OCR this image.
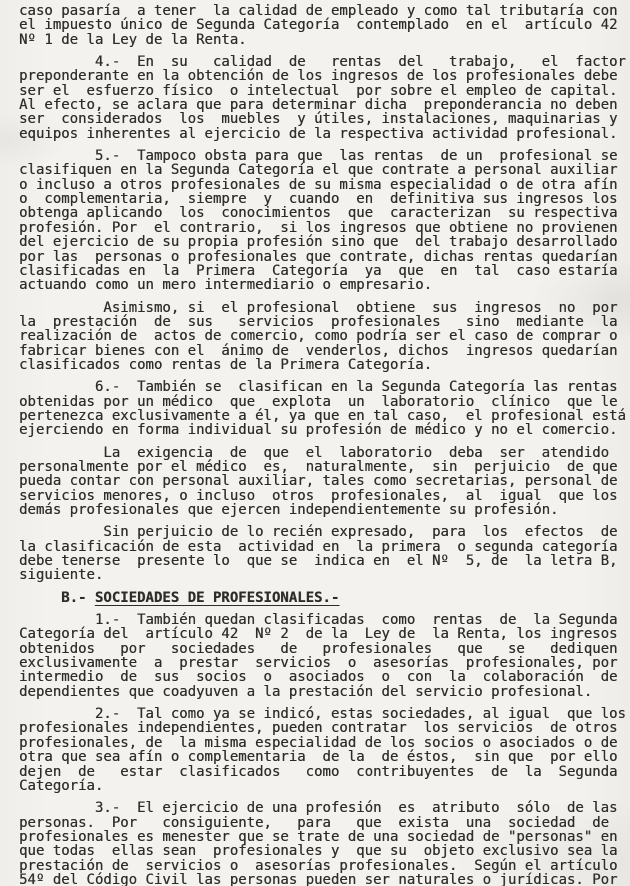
caso pasaría  a tener  la calidad de empleado y como tal tributaría con
el impuesto único de Segunda Categoría  contemplado  en el  artículo 42
Nº 1 de la Ley de la Renta.
4.-  En  su   calidad  de   rentas  del   trabajo,   el  factor
preponderante en la obtención de los ingresos de los profesionales debe
ser el  esfuerzo físico  o intelectual  por sobre el empleo de capital.
Al efecto, se aclara que para determinar dicha  preponderancia no deben
ser  considerados  los  muebles  y útiles, instalaciones, maquinarias y
equipos inherentes al ejercicio de la respectiva actividad profesional.
5.-  Tampoco obsta para que  las rentas  de un  profesional se
clasifiquen en la Segunda Categoría el que contrate a personal auxiliar
o incluso a otros profesionales de su misma especialidad o de otra afín
o  complementaria,  siempre  y  cuando  en  definitiva sus ingresos los
obtenga aplicando  los  conocimientos  que  caracterizan  su respectiva
profesión. Por  el contrario,  si los ingresos que obtiene no provienen
del ejercicio de su propia profesión sino que  del trabajo desarrollado
por las  personas o profesionales que contrate, dichas rentas quedarían
clasificadas en  la  Primera  Categoría  ya  que  en  tal  caso estaría
actuando como un mero intermediario o empresario.
Asimismo, si  el profesional  obtiene  sus  ingresos  no  por
la  prestación  de  sus   servicios  profesionales   sino  mediante  la
realización de  actos de comercio, como podría ser el caso de comprar o
fabricar bienes con el  ánimo de  venderlos, dichos  ingresos quedarían
clasificados como rentas de la Primera Categoría.
6.-  También se  clasifican en la Segunda Categoría las rentas
obtenidas por un médico  que  explota  un  laboratorio  clínico  que le
pertenezca exclusivamente a él, ya que en tal caso,  el profesional está
ejerciendo en forma individual su profesión de médico y no el comercio.
La  exigencia  de  que  el  laboratorio  deba  ser  atendido
personalmente por el médico  es,  naturalmente,  sin  perjuicio  de que
pueda contar con personal auxiliar, tales como secretarias, personal de
servicios menores, o incluso  otros  profesionales,  al  igual  que los
demás profesionales que ejercen independientemente su profesión.
Sin perjuicio de lo recién expresado,  para  los  efectos  de
la clasificación de esta  actividad en  la primera  o segunda categoría
debe tenerse  presente lo  que se  indica en  el Nº  5, de  la letra B,
siguiente.
B.- SOCIEDADES DE PROFESIONALES.-
1.-  También quedan clasificadas  como  rentas  de  la Segunda
Categoría del  artículo 42  Nº 2  de la  Ley de  la Renta, los ingresos
obtenidos   por   sociedades   de   profesionales   que   se   dediquen
exclusivamente  a  prestar  servicios  o  asesorías  profesionales, por
intermedio  de  sus  socios  o  asociados  o  con  la  colaboración  de
dependientes que coadyuven a la prestación del servicio profesional.
2.-  Tal como ya se indicó, estas sociedades, al igual  que los
profesionales independientes, pueden contratar  los servicios  de otros
profesionales, de  la misma especialidad de los socios o asociados o de
otra que sea afín o complementaria  de la  de éstos,  sin que  por ello
dejen  de   estar  clasificados   como  contribuyentes  de  la  Segunda
Categoría.
3.-  El ejercicio de una profesión  es  atributo  sólo  de las
personas.  Por   consiguiente,   para   que  exista  una  sociedad  de
profesionales es menester que se trate de una sociedad de "personas" en
que todas  ellas sean  profesionales y  que su  objeto exclusivo sea la
prestación de  servicios o  asesorías profesionales.  Según el artículo
54º del Código Civil las personas pueden ser naturales o jurídicas. Por
